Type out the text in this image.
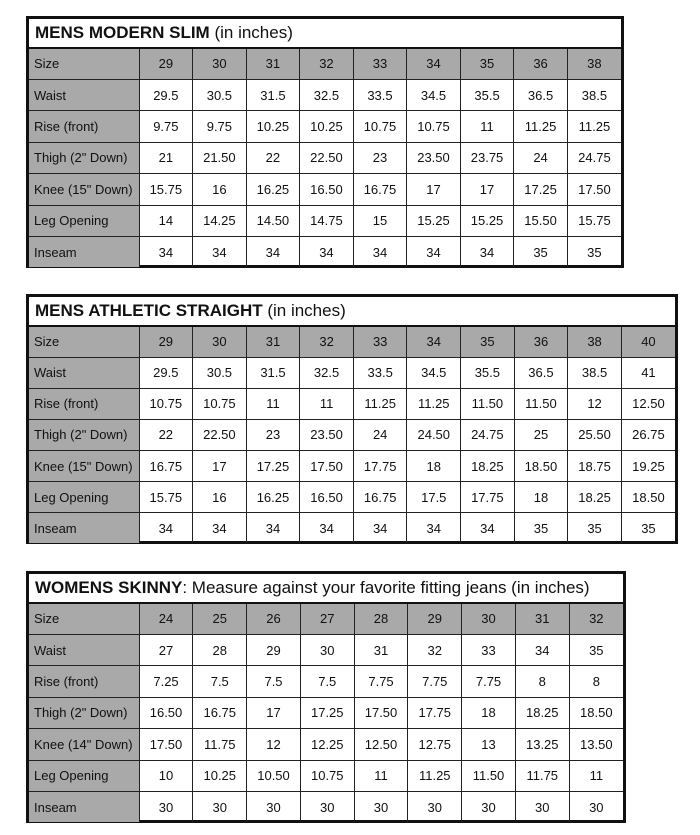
MENS MODERN SLIM (in inches)
Size	29	30	31	32	33	34	35	36	38
Waist	29.5	30.5	31.5	32.5	33.5	34.5	35.5	36.5	38.5
Rise (front)	9.75	9.75	10.25	10.25	10.75	10.75	11	11.25	11.25
Thigh (2" Down)	21	21.50	22	22.50	23	23.50	23.75	24	24.75
Knee (15" Down)	15.75	16	16.25	16.50	16.75	17	17	17.25	17.50
Leg Opening	14	14.25	14.50	14.75	15	15.25	15.25	15.50	15.75
Inseam	34	34	34	34	34	34	34	35	35
MENS ATHLETIC STRAIGHT (in inches)
Size	29	30	31	32	33	34	35	36	38	40
Waist	29.5	30.5	31.5	32.5	33.5	34.5	35.5	36.5	38.5	41
Rise (front)	10.75	10.75	11	11	11.25	11.25	11.50	11.50	12	12.50
Thigh (2" Down)	22	22.50	23	23.50	24	24.50	24.75	25	25.50	26.75
Knee (15" Down)	16.75	17	17.25	17.50	17.75	18	18.25	18.50	18.75	19.25
Leg Opening	15.75	16	16.25	16.50	16.75	17.5	17.75	18	18.25	18.50
Inseam	34	34	34	34	34	34	34	35	35	35
WOMENS SKINNY: Measure against your favorite fitting jeans (in inches)
Size	24	25	26	27	28	29	30	31	32
Waist	27	28	29	30	31	32	33	34	35
Rise (front)	7.25	7.5	7.5	7.5	7.75	7.75	7.75	8	8
Thigh (2" Down)	16.50	16.75	17	17.25	17.50	17.75	18	18.25	18.50
Knee (14" Down)	17.50	11.75	12	12.25	12.50	12.75	13	13.25	13.50
Leg Opening	10	10.25	10.50	10.75	11	11.25	11.50	11.75	11
Inseam	30	30	30	30	30	30	30	30	30
